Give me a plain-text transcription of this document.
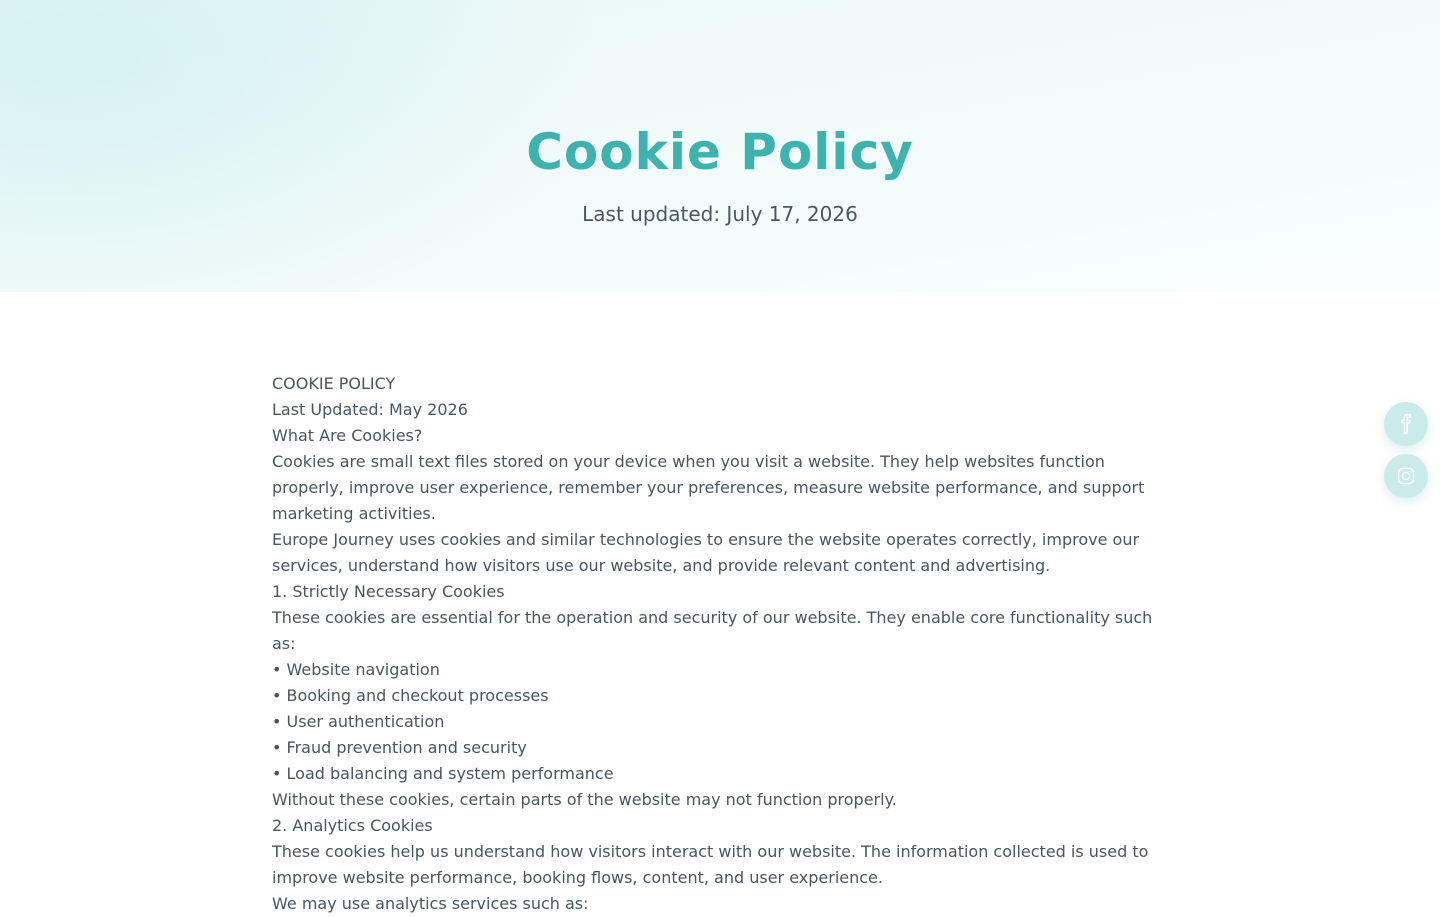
Cookie Policy
Last updated: July 17, 2026

COOKIE POLICY

Last Updated: May 2026

What Are Cookies?

Cookies are small text files stored on your device when you visit a website. They help websites function properly, improve user experience, remember your preferences, measure website performance, and support marketing activities.

Europe Journey uses cookies and similar technologies to ensure the website operates correctly, improve our services, understand how visitors use our website, and provide relevant content and advertising.

1. Strictly Necessary Cookies

These cookies are essential for the operation and security of our website. They enable core functionality such as:

• Website navigation

• Booking and checkout processes

• User authentication

• Fraud prevention and security

• Load balancing and system performance

Without these cookies, certain parts of the website may not function properly.

2. Analytics Cookies

These cookies help us understand how visitors interact with our website. The information collected is used to improve website performance, booking flows, content, and user experience.

We may use analytics services such as:
